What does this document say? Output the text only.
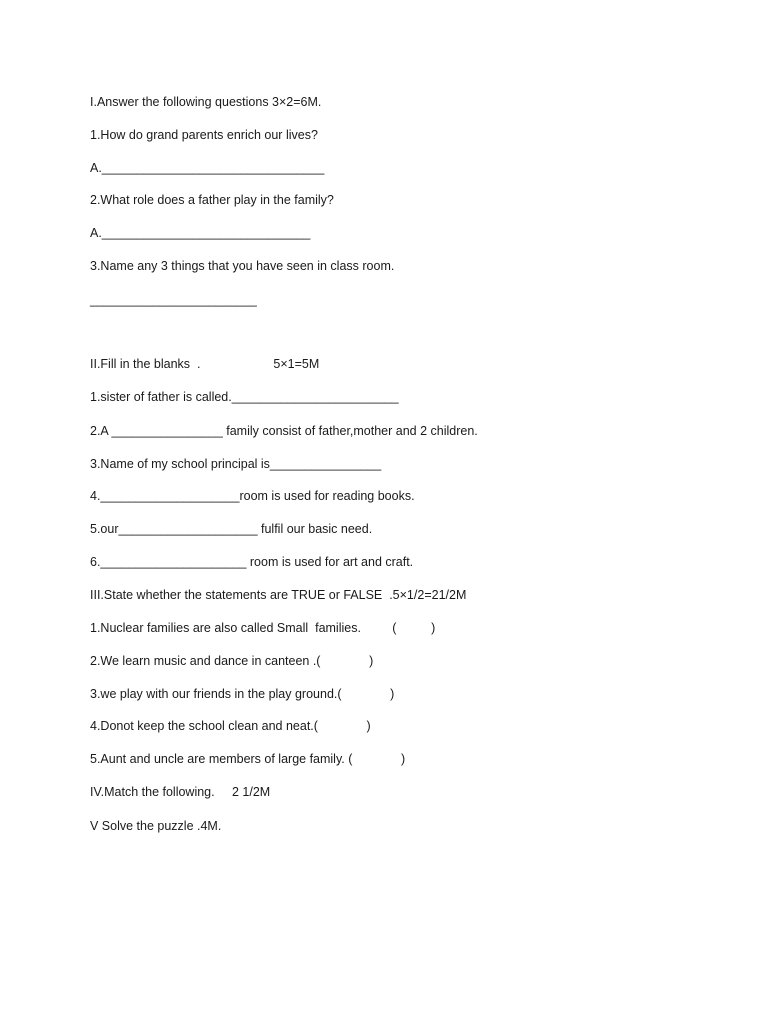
I.Answer the following questions 3×2=6M.
1.How do grand parents enrich our lives?
A.________________________________
2.What role does a father play in the family?
A.______________________________
3.Name any 3 things that you have seen in class room.
________________________
II.Fill in the blanks  .                     5×1=5M
1.sister of father is called.________________________
2.A ________________ family consist of father,mother and 2 children.
3.Name of my school principal is________________
4.____________________room is used for reading books.
5.our____________________ fulfil our basic need.
6._____________________ room is used for art and craft.
III.State whether the statements are TRUE or FALSE  .5×1/2=21/2M
1.Nuclear families are also called Small  families.         (          )
2.We learn music and dance in canteen .(              )
3.we play with our friends in the play ground.(              )
4.Donot keep the school clean and neat.(              )
5.Aunt and uncle are members of large family. (              )
IV.Match the following.     2 1/2M
V Solve the puzzle .4M.
